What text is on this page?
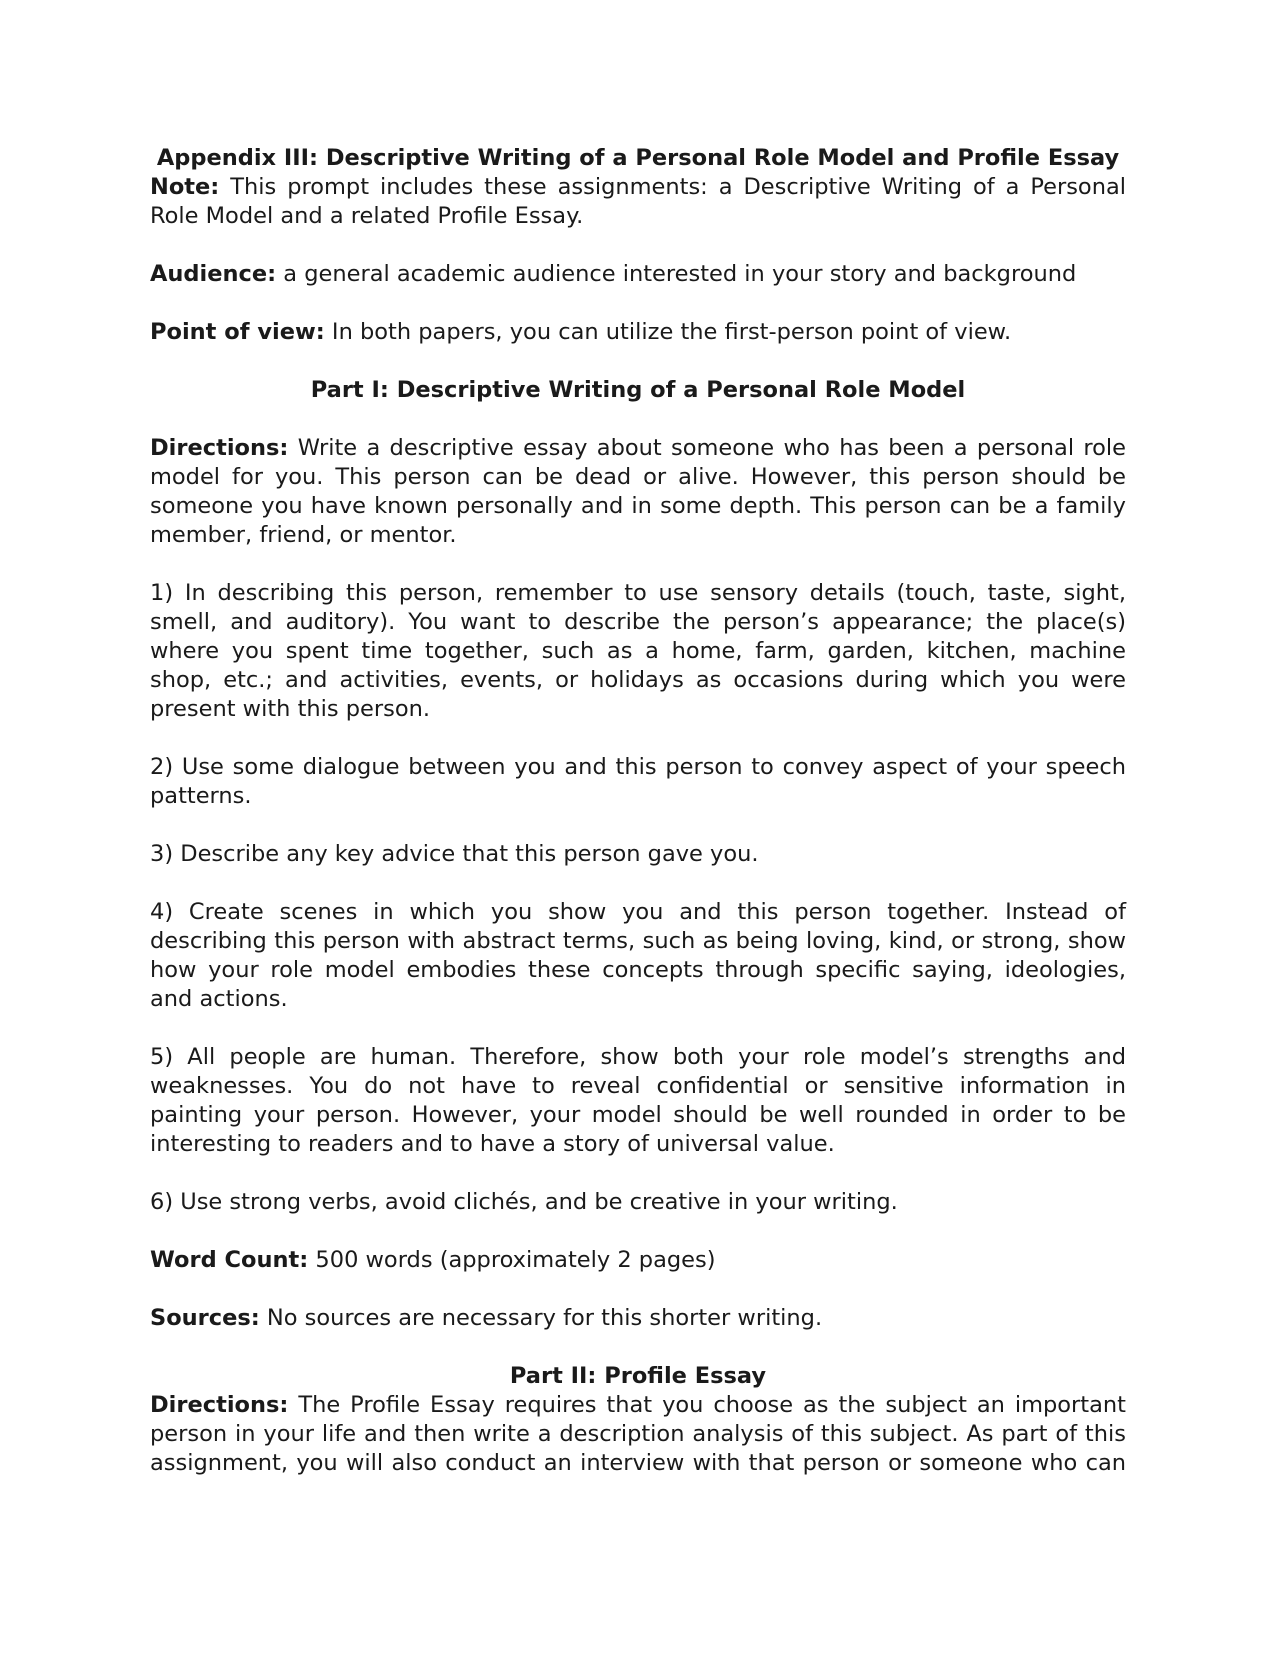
Appendix III: Descriptive Writing of a Personal Role Model and Profile Essay

Note: This prompt includes these assignments: a Descriptive Writing of a Personal Role Model and a related Profile Essay.

Audience: a general academic audience interested in your story and background

Point of view: In both papers, you can utilize the first-person point of view.

Part I: Descriptive Writing of a Personal Role Model

Directions: Write a descriptive essay about someone who has been a personal role model for you. This person can be dead or alive. However, this person should be someone you have known personally and in some depth. This person can be a family member, friend, or mentor.

1) In describing this person, remember to use sensory details (touch, taste, sight, smell, and auditory). You want to describe the person’s appearance; the place(s) where you spent time together, such as a home, farm, garden, kitchen, machine shop, etc.; and activities, events, or holidays as occasions during which you were present with this person.

2) Use some dialogue between you and this person to convey aspect of your speech patterns.

3) Describe any key advice that this person gave you.

4) Create scenes in which you show you and this person together. Instead of describing this person with abstract terms, such as being loving, kind, or strong, show how your role model embodies these concepts through specific saying, ideologies, and actions.

5) All people are human. Therefore, show both your role model’s strengths and weaknesses. You do not have to reveal confidential or sensitive information in painting your person. However, your model should be well rounded in order to be interesting to readers and to have a story of universal value.

6) Use strong verbs, avoid clichés, and be creative in your writing.

Word Count: 500 words (approximately 2 pages)

Sources: No sources are necessary for this shorter writing.

Part II: Profile Essay

Directions: The Profile Essay requires that you choose as the subject an important person in your life and then write a description analysis of this subject. As part of this assignment, you will also conduct an interview with that person or someone who can
